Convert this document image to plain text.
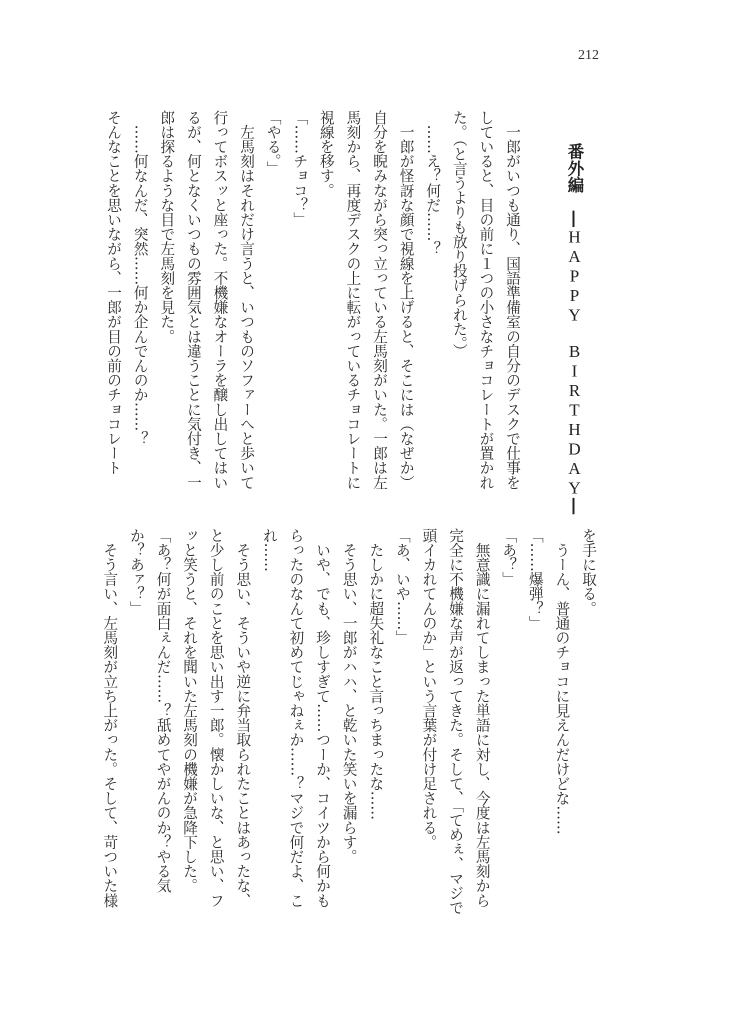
212
番外編　―HAPPY　BIRTHDAY―
　一郎がいつも通り、国語準備室の自分のデスクで仕事を
していると、目の前に１つの小さなチョコレートが置かれ
た。（と言うよりも放り投げられた。）
　……え？何だ……？
　一郎が怪訝な顔で視線を上げると、そこには（なぜか）
自分を睨みながら突っ立っている左馬刻がいた。一郎は左
馬刻から、再度デスクの上に転がっているチョコレートに
視線を移す。
「……チョコ？」
「やる。」
　左馬刻はそれだけ言うと、いつものソファーへと歩いて
行ってボスッと座った。不機嫌なオーラを醸し出してはい
るが、何となくいつもの雰囲気とは違うことに気付き、一
郎は探るような目で左馬刻を見た。
　……何なんだ、突然……何か企んでんのか……？
そんなことを思いながら、一郎が目の前のチョコレート
を手に取る。
　うーん、普通のチョコに見えんだけどな……
「……爆弾？」
「あ？」
　無意識に漏れてしまった単語に対し、今度は左馬刻から
完全に不機嫌な声が返ってきた。そして、「てめぇ、マジで
頭イカれてんのか」という言葉が付け足される。
「あ、いや……」
　たしかに超失礼なこと言っちまったな……
　そう思い、一郎がハハ、と乾いた笑いを漏らす。
　いや、でも、珍しすぎて……つーか、コイツから何かも
らったのなんて初めてじゃねぇか……？マジで何だよ、こ
れ……
　そう思い、そういや逆に弁当取られたことはあったな、
と少し前のことを思い出す一郎。懐かしいな、と思い、フ
ッと笑うと、それを聞いた左馬刻の機嫌が急降下した。
「あ？何が面白ぇんだ……？舐めてやがんのか？やる気
か？あァ？」
　そう言い、左馬刻が立ち上がった。そして、苛ついた様
